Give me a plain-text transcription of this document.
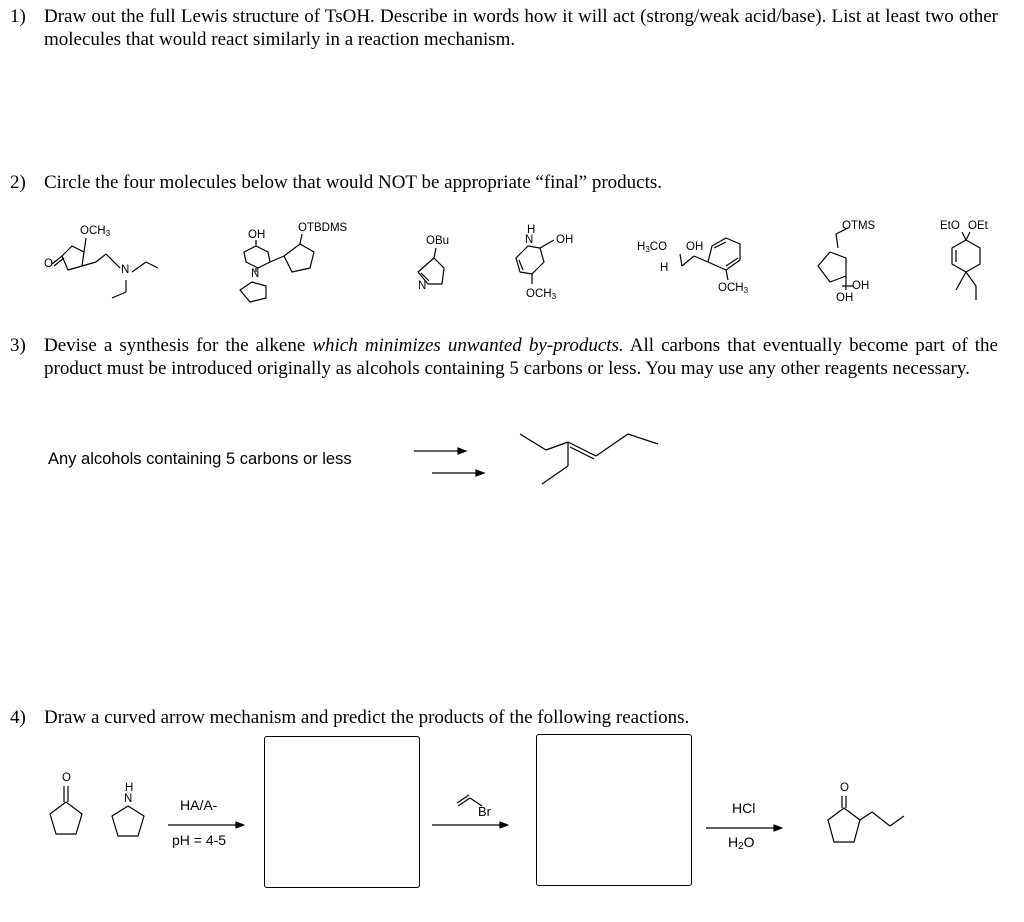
1) Draw out the full Lewis structure of TsOH. Describe in words how it will act (strong/weak acid/base). List at least two other molecules that would react similarly in a reaction mechanism.
2) Circle the four molecules below that would NOT be appropriate “final” products.
$OCH_3$
O	N
OH
OTBDMS
N
OBu
N
H
N OH
$OCH_3$
$H_3CO$ OH
H
$OCH_3$
OTMS
OH
OH
EtO OEt
3) Devise a synthesis for the alkene which minimizes unwanted by-products. All carbons that eventually become part of the product must be introduced originally as alcohols containing 5 carbons or less. You may use any other reagents necessary.
Any alcohols containing 5 carbons or less
4) Draw a curved arrow mechanism and predict the products of the following reactions.
O
H
N	HA/A-
pH = 4-5
Br	HCl
$H_2O$
O
